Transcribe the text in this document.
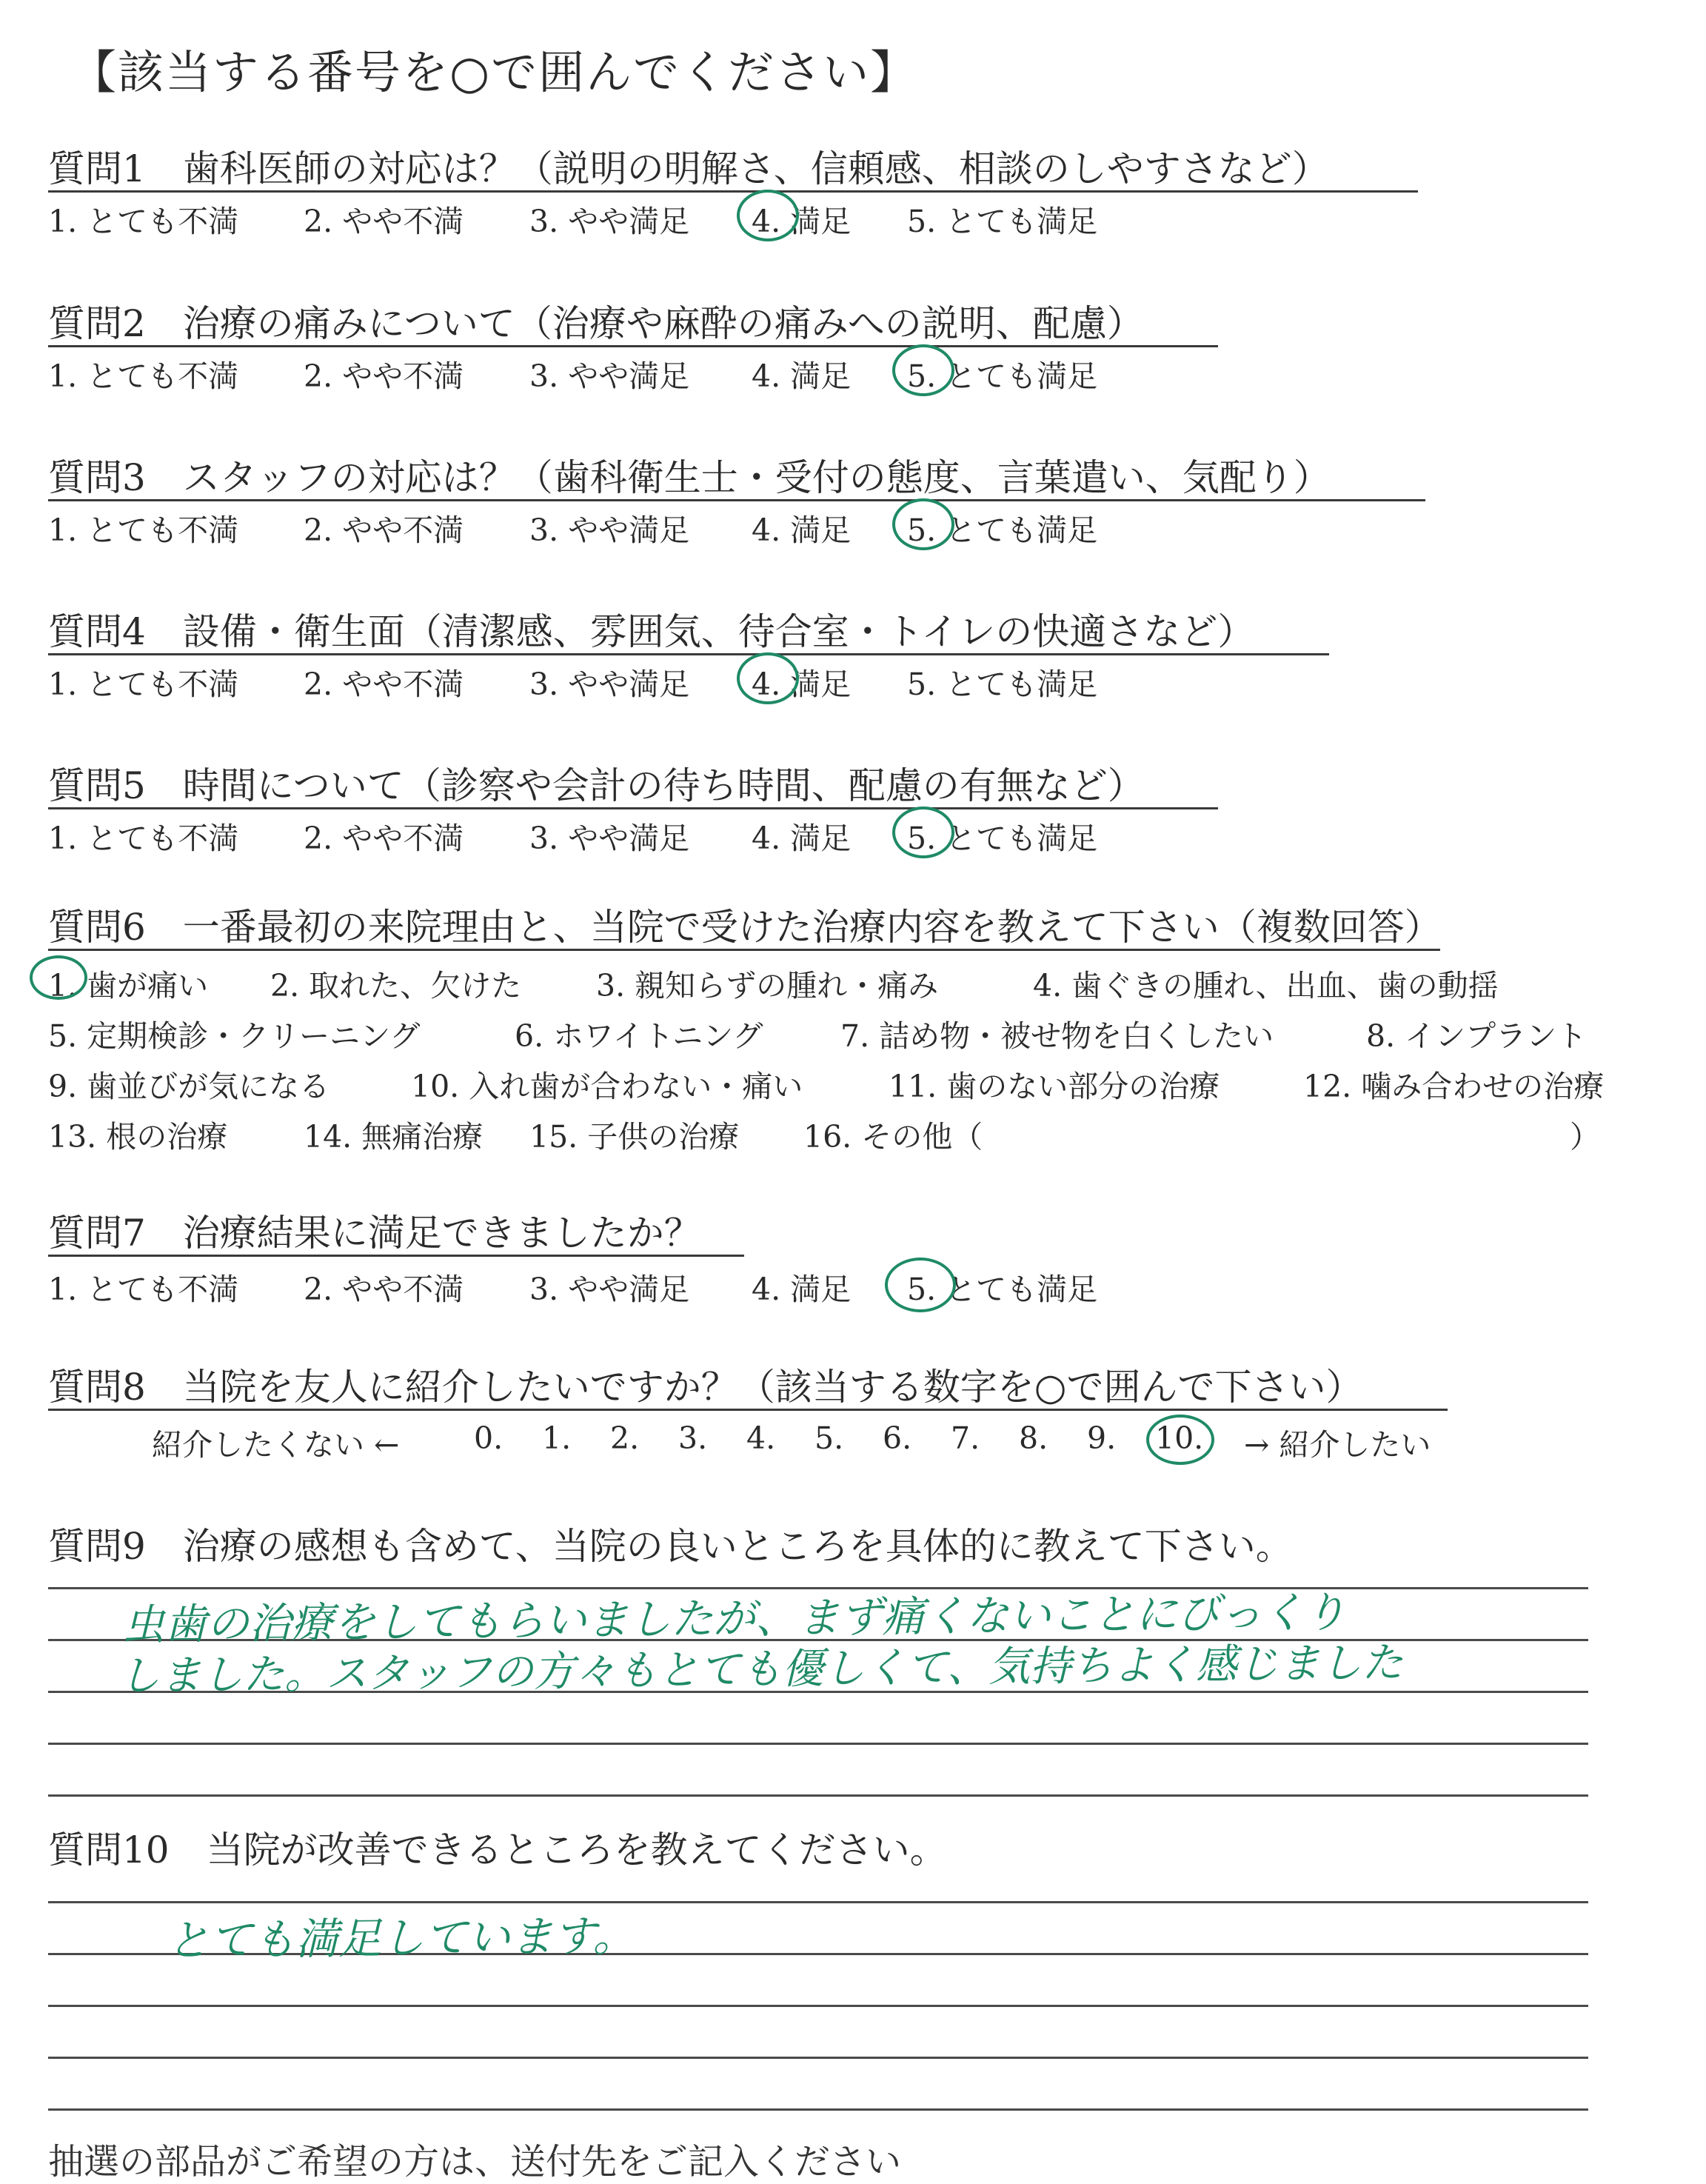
【該当する番号を○で囲んでください】
質問1　歯科医師の対応は？（説明の明解さ、信頼感、相談のしやすさなど）
1. とても不満 2. やや不満 3. やや満足 4. 満足 5. とても満足
質問2　治療の痛みについて（治療や麻酔の痛みへの説明、配慮）
1. とても不満 2. やや不満 3. やや満足 4. 満足 5. とても満足
質問3　スタッフの対応は？（歯科衛生士・受付の態度、言葉遣い、気配り）
1. とても不満 2. やや不満 3. やや満足 4. 満足 5. とても満足
質問4　設備・衛生面（清潔感、雰囲気、待合室・トイレの快適さなど）
1. とても不満 2. やや不満 3. やや満足 4. 満足 5. とても満足
質問5　時間について（診察や会計の待ち時間、配慮の有無など）
1. とても不満 2. やや不満 3. やや満足 4. 満足 5. とても満足
質問6　一番最初の来院理由と、当院で受けた治療内容を教えて下さい（複数回答）
1. 歯が痛い 2. 取れた、欠けた 3. 親知らずの腫れ・痛み	4. 歯ぐきの腫れ、出血、歯の動揺
5. 定期検診・クリーニング	6. ホワイトニング	7. 詰め物・被せ物を白くしたい	8. インプラント
9. 歯並びが気になる	10. 入れ歯が合わない・痛い	11. 歯のない部分の治療	12. 噛み合わせの治療
13. 根の治療	14. 無痛治療 15. 子供の治療 16. その他（	）
質問7　治療結果に満足できましたか？
1. とても不満 2. やや不満 3. やや満足 4. 満足 5. とても満足
質問8　当院を友人に紹介したいですか？（該当する数字を○で囲んで下さい）
紹介したくない ← 0. 1. 2. 3. 4. 5. 6. 7. 8. 9. 10. → 紹介したい
質問9　治療の感想も含めて、当院の良いところを具体的に教えて下さい。
虫歯の治療をしてもらいましたが、まず痛くないことにびっくり
しました。スタッフの方々もとても優しくて、気持ちよく感じました
質問10　当院が改善できるところを教えてください。
とても満足しています。
抽選の部品がご希望の方は、送付先をご記入ください
